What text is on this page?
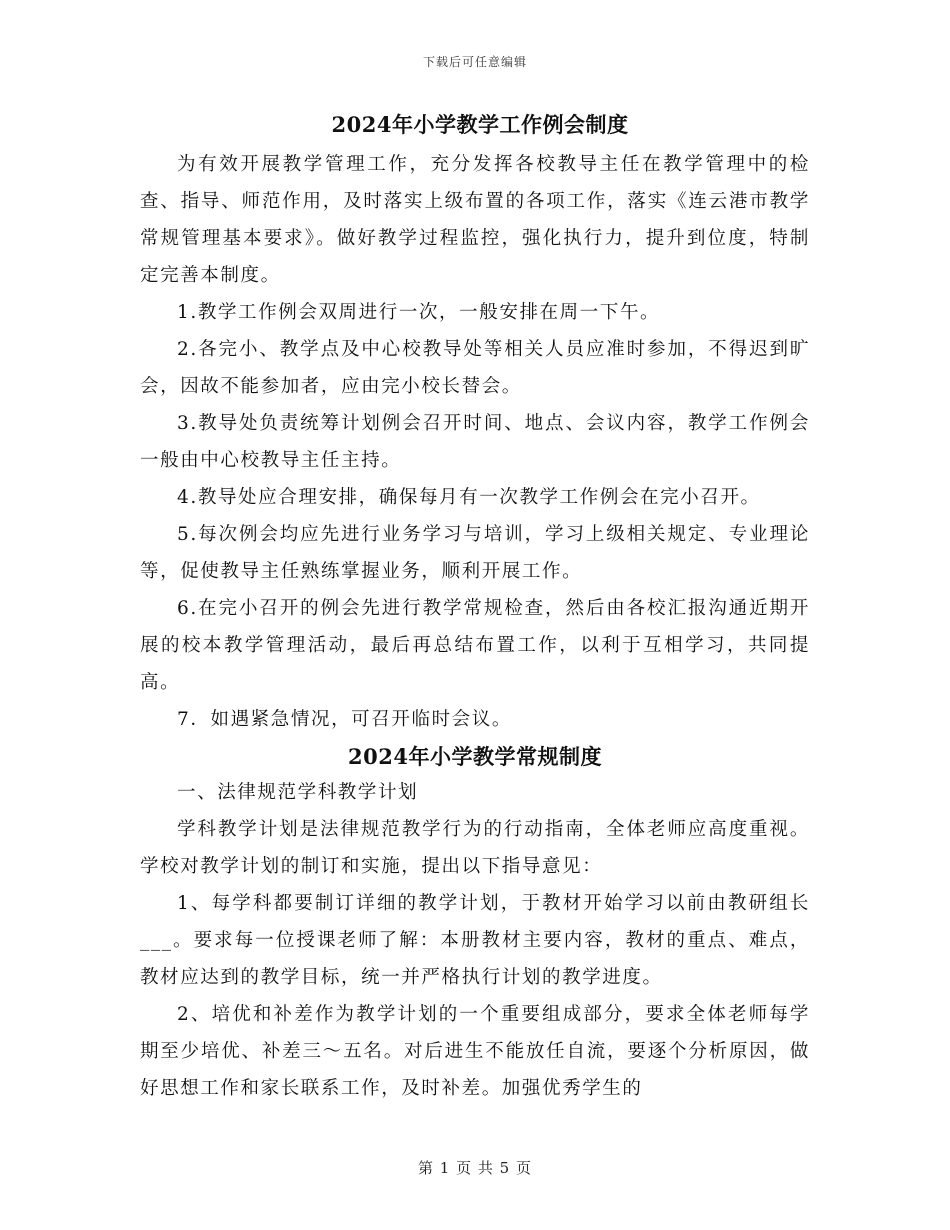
下载后可任意编辑
2024年小学教学工作例会制度

为有效开展教学管理工作，充分发挥各校教导主任在教学管理中的检查、指导、师范作用，及时落实上级布置的各项工作，落实《连云港市教学常规管理基本要求》。做好教学过程监控，强化执行力，提升到位度，特制定完善本制度。

1.教学工作例会双周进行一次，一般安排在周一下午。

2.各完小、教学点及中心校教导处等相关人员应准时参加，不得迟到旷会，因故不能参加者，应由完小校长替会。

3.教导处负责统筹计划例会召开时间、地点、会议内容，教学工作例会一般由中心校教导主任主持。

4.教导处应合理安排，确保每月有一次教学工作例会在完小召开。

5.每次例会均应先进行业务学习与培训，学习上级相关规定、专业理论等，促使教导主任熟练掌握业务，顺利开展工作。

6.在完小召开的例会先进行教学常规检查，然后由各校汇报沟通近期开展的校本教学管理活动，最后再总结布置工作，以利于互相学习，共同提高。

7．如遇紧急情况，可召开临时会议。

2024年小学教学常规制度

一、法律规范学科教学计划

学科教学计划是法律规范教学行为的行动指南，全体老师应高度重视。学校对教学计划的制订和实施，提出以下指导意见：

1、每学科都要制订详细的教学计划，于教材开始学习以前由教研组长___。要求每一位授课老师了解：本册教材主要内容，教材的重点、难点，教材应达到的教学目标，统一并严格执行计划的教学进度。

2、培优和补差作为教学计划的一个重要组成部分，要求全体老师每学期至少培优、补差三～五名。对后进生不能放任自流，要逐个分析原因，做好思想工作和家长联系工作，及时补差。加强优秀学生的

第 1 页 共 5 页
